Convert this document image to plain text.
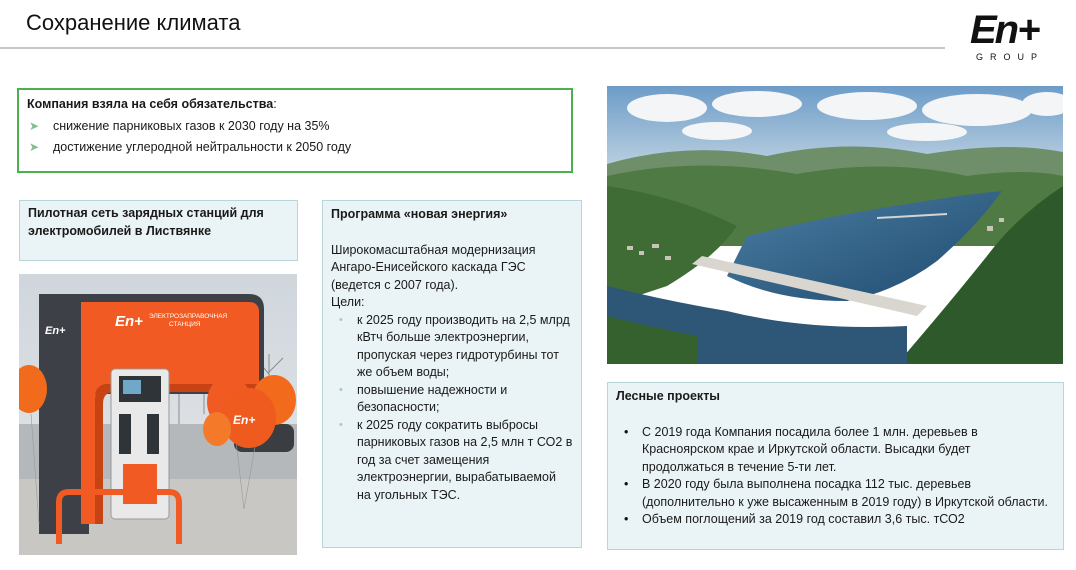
Сохранение климата	En+
GROUP
Компания взяла на себя обязательства:
➤ снижение парниковых газов к 2030 году на 35%
➤ достижение углеродной нейтральности к 2050 году
Пилотная сеть зарядных станций для электромобилей в Листвянке
En+ ЭЛЕКТРОЗАПРАВОЧНАЯ
СТАНЦИЯ
En+
En+
Программа «новая энергия»

Широкомасштабная модернизация

Ангаро-Енисейского каскада ГЭС (ведется с 2007 года).

Цели:

• к 2025 году производить на 2,5 млрд кВтч больше электроэнергии, пропуская через гидротурбины тот же объем воды;
• повышение надежности и безопасности;
• к 2025 году сократить выбросы парниковых газов на 2,5 млн т СО2 в год за счет замещения электроэнергии, вырабатываемой на угольных ТЭС.
Лесные проекты
• С 2019 года Компания посадила более 1 млн. деревьев в Красноярском крае и Иркутской области. Высадки будет продолжаться в течение 5-ти лет.
• В 2020 году была выполнена посадка 112 тыс. деревьев (дополнительно к уже высаженным в 2019 году) в Иркутской области.
• Объем поглощений за 2019 год составил 3,6 тыс. тСО2
